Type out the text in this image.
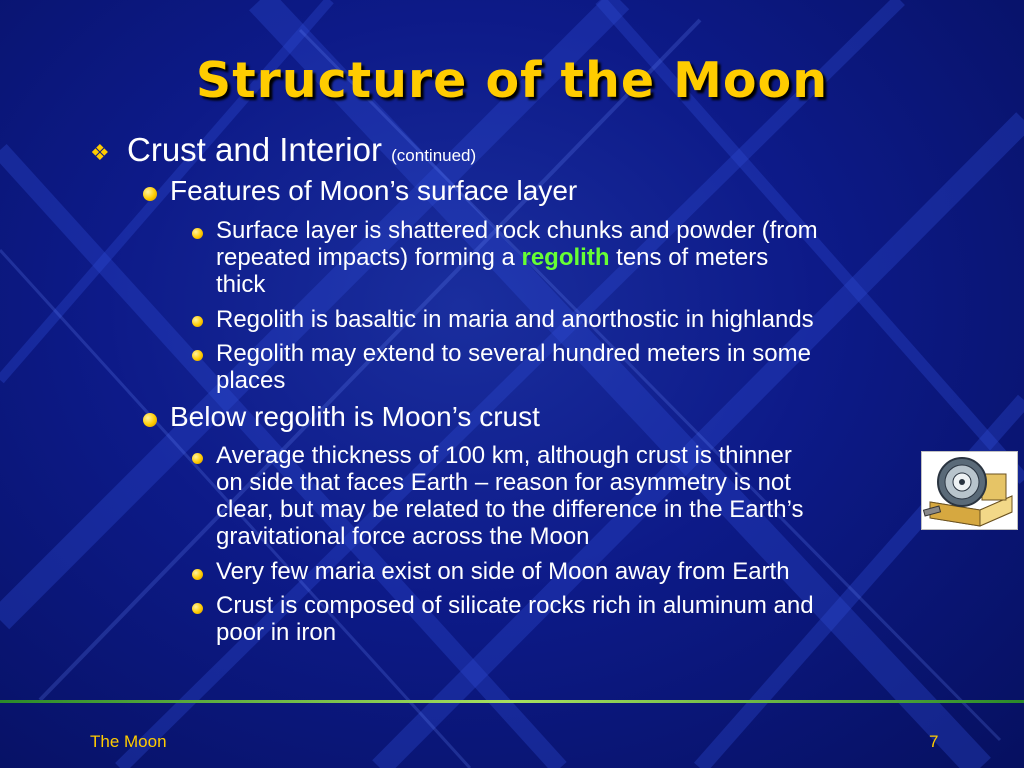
Structure of the Moon
❖ Crust and Interior (continued)
Features of Moon’s surface layer
Surface layer is shattered rock chunks and powder (from
repeated impacts) forming a regolith tens of meters
thick
Regolith is basaltic in maria and anorthostic in highlands
Regolith may extend to several hundred meters in some
places
Below regolith is Moon’s crust
Average thickness of 100 km, although crust is thinner
on side that faces Earth – reason for asymmetry is not
clear, but may be related to the difference in the Earth’s
gravitational force across the Moon
Very few maria exist on side of Moon away from Earth
Crust is composed of silicate rocks rich in aluminum and
poor in iron
The Moon	7
